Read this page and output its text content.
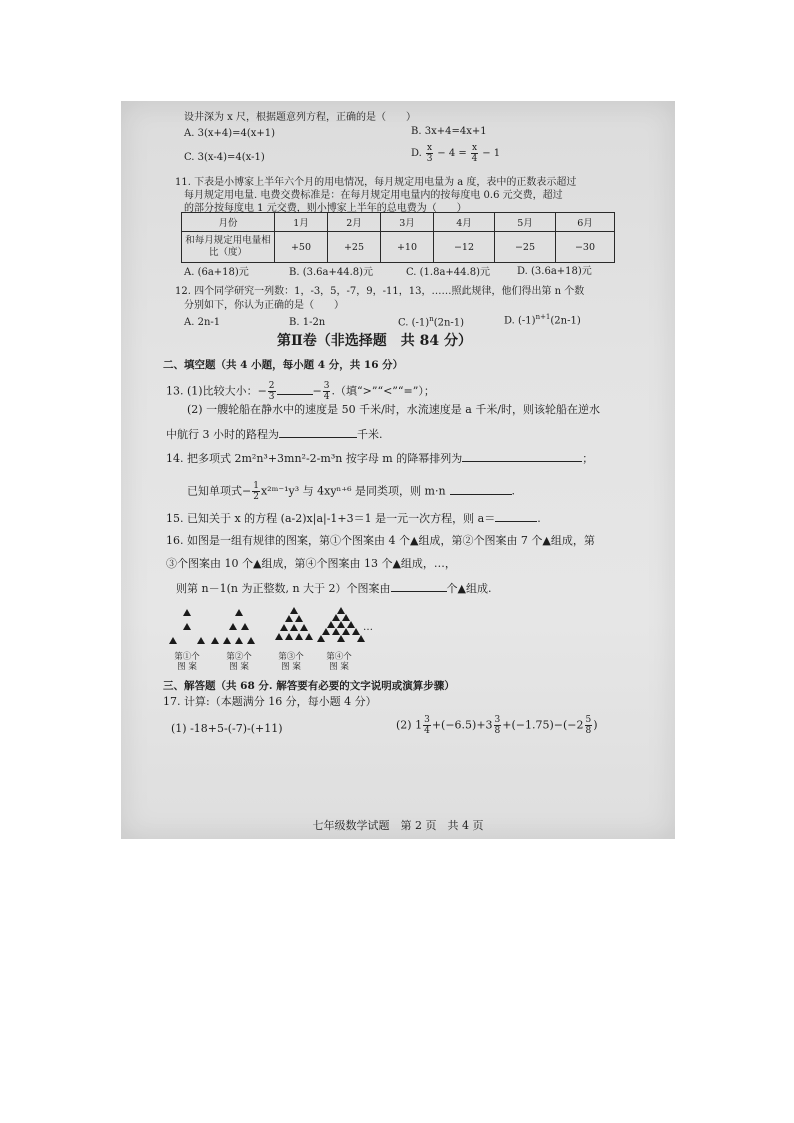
设井深为 x 尺，根据题意列方程，正确的是（　　）
A. 3(x+4)=4(x+1)	B. 3x+4=4x+1
C. 3(x-4)=4(x-1)	D. $\frac{x}{3} - 4 = \frac{x}{4} - 1$
11. 下表是小博家上半年六个月的用电情况，每月规定用电量为 a 度，表中的正数表示超过
每月规定用电量. 电费交费标准是：在每月规定用电量内的按每度电 0.6 元交费，超过
的部分按每度电 1 元交费，则小博家上半年的总电费为（　　）
月份	1月	2月	3月	4月	5月	6月
和每月规定用电量相比（度）	+50	+25	+10	−12	−25	−30
A. (6a+18)元	B. (3.6a+44.8)元	C. (1.8a+44.8)元	D. (3.6a+18)元
12. 四个同学研究一列数：1，-3，5，-7，9，-11，13，……照此规律，他们得出第 n 个数
分别如下，你认为正确的是（　　）
A. 2n-1	B. 1-2n	C. $(-1)^n(2n-1)$	D. $(-1)^{n+1}(2n-1)$
第Ⅱ卷（非选择题　共 84 分）
二、填空题（共 4 小题，每小题 4 分，共 16 分）
13. (1)比较大小：− $\frac{2}{3}$	− $\frac{3}{4}$ .（填“>”“<”“=”）；
(2) 一艘轮船在静水中的速度是 50 千米/时，水流速度是 a 千米/时，则该轮船在逆水
中航行 3 小时的路程为	千米.
14. 把多项式 2m²n³+3mn²-2-m³n 按字母 m 的降幂排列为	；
已知单项式− $\frac{1}{2}$ x²ᵐ⁻¹y³ 与 4xyⁿ⁺⁶ 是同类项，则 m·n	.
15. 已知关于 x 的方程 (a-2)x|a|-1+3＝1 是一元一次方程，则 a＝	.
16. 如图是一组有规律的图案，第①个图案由 4 个▲组成，第②个图案由 7 个▲组成，第
③个图案由 10 个▲组成，第④个图案由 13 个▲组成，…，
则第 n－1(n 为正整数, n 大于 2）个图案由	个▲组成.
…
第①个
图 案
第②个
图 案
第③个
图 案
第④个
图 案
三、解答题（共 68 分. 解答要有必要的文字说明或演算步骤）
17. 计算:（本题满分 16 分，每小题 4 分）
(1) -18+5-(-7)-(+11)	(2) $1 \frac{3}{4} +(-6.5)+3 \frac{3}{8} +(-1.75)-(-2 \frac{5}{8}$ )
七年级数学试题　第 2 页　共 4 页
